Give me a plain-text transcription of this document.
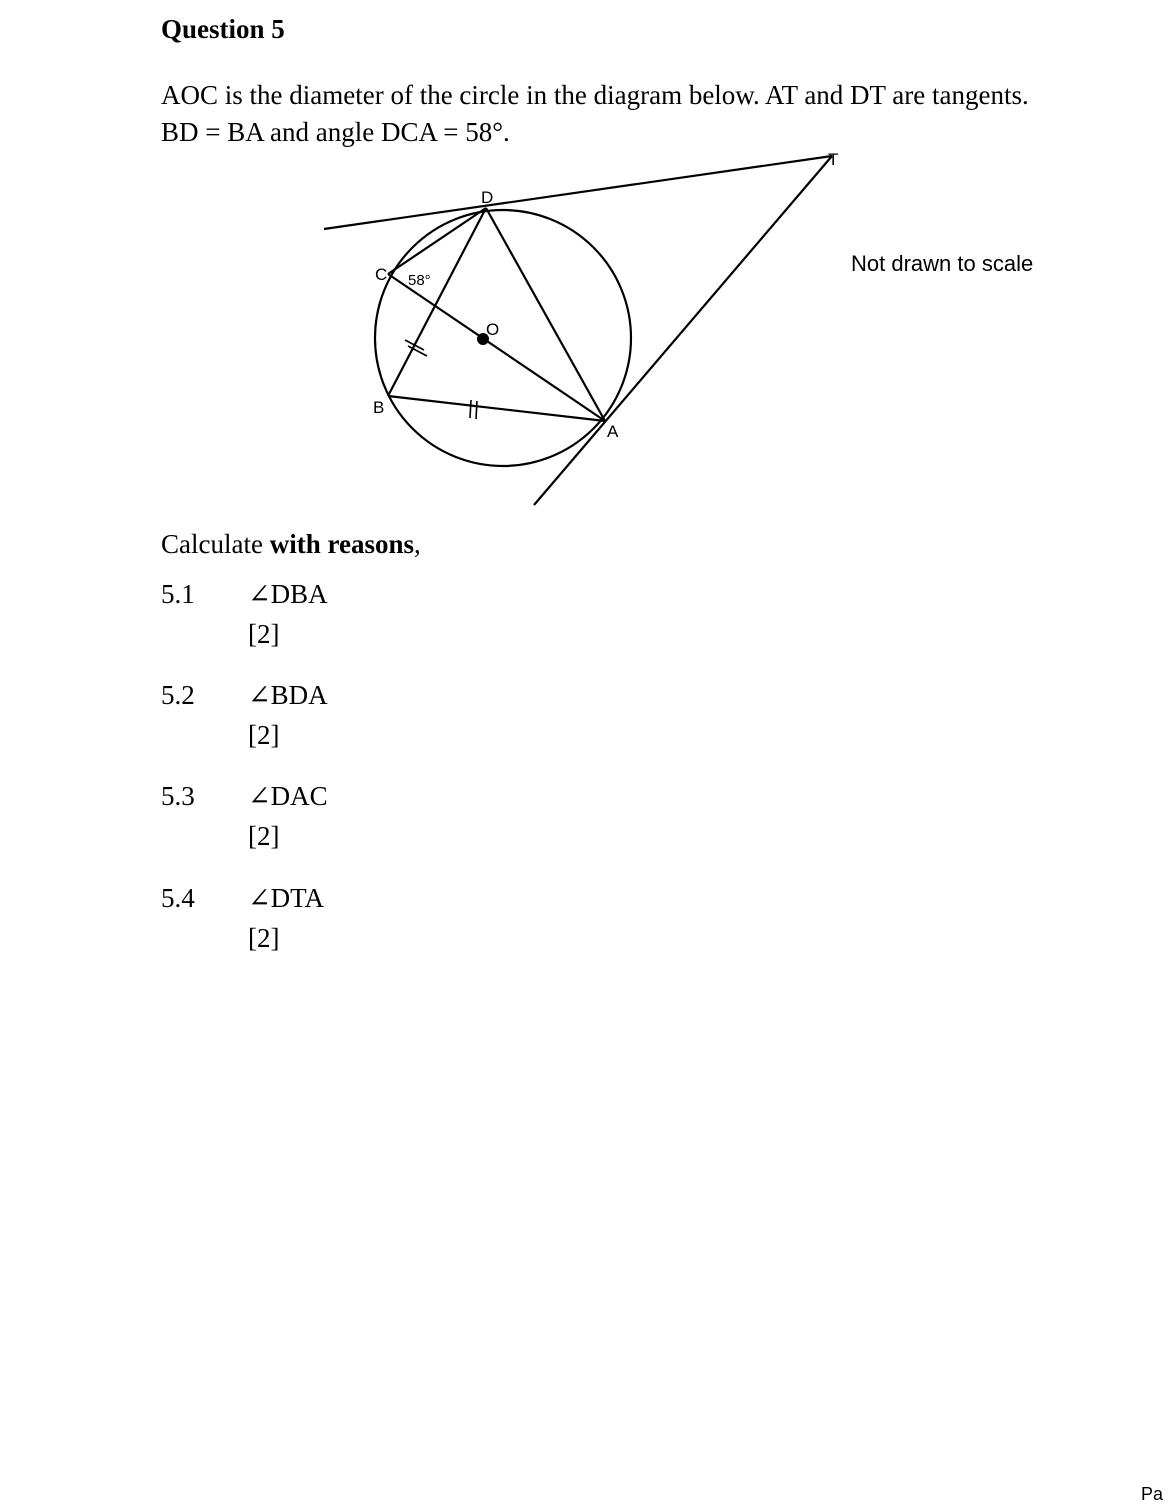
Question 5
AOC is the diameter of the circle in the diagram below. AT and DT are tangents.
BD = BA and angle DCA = 58°.
D
C
O
B
A
T
58°
Not drawn to scale
Calculate with reasons,
5.1 ∠DBA
[2]
5.2 ∠BDA
[2]
5.3 ∠DAC
[2]
5.4 ∠DTA
[2]
Pa
